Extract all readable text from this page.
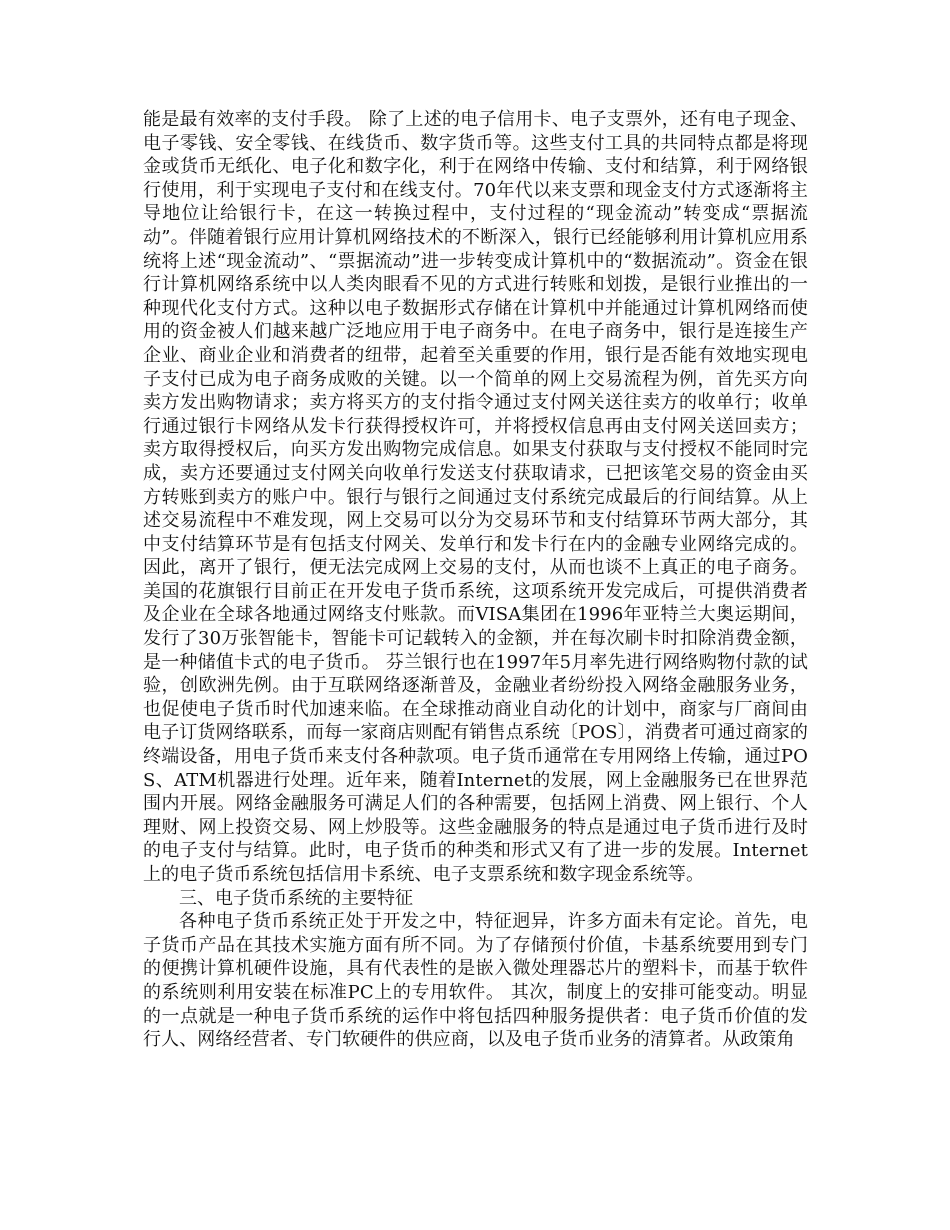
能是最有效率的支付手段。 除了上述的电子信用卡、电子支票外，还有电子现金、电子零钱、安全零钱、在线货币、数字货币等。这些支付工具的共同特点都是将现金或货币无纸化、电子化和数字化，利于在网络中传输、支付和结算，利于网络银行使用，利于实现电子支付和在线支付。70年代以来支票和现金支付方式逐渐将主导地位让给银行卡，在这一转换过程中，支付过程的“现金流动”转变成“票据流动”。伴随着银行应用计算机网络技术的不断深入，银行已经能够利用计算机应用系统将上述“现金流动”、“票据流动”进一步转变成计算机中的“数据流动”。资金在银行计算机网络系统中以人类肉眼看不见的方式进行转账和划拨，是银行业推出的一种现代化支付方式。这种以电子数据形式存储在计算机中并能通过计算机网络而使用的资金被人们越来越广泛地应用于电子商务中。在电子商务中，银行是连接生产企业、商业企业和消费者的纽带，起着至关重要的作用，银行是否能有效地实现电子支付已成为电子商务成败的关键。以一个简单的网上交易流程为例，首先买方向卖方发出购物请求；卖方将买方的支付指令通过支付网关送往卖方的收单行；收单行通过银行卡网络从发卡行获得授权许可，并将授权信息再由支付网关送回卖方；卖方取得授权后，向买方发出购物完成信息。如果支付获取与支付授权不能同时完成，卖方还要通过支付网关向收单行发送支付获取请求，已把该笔交易的资金由买方转账到卖方的账户中。银行与银行之间通过支付系统完成最后的行间结算。从上述交易流程中不难发现，网上交易可以分为交易环节和支付结算环节两大部分，其中支付结算环节是有包括支付网关、发单行和发卡行在内的金融专业网络完成的。因此，离开了银行，便无法完成网上交易的支付，从而也谈不上真正的电子商务。美国的花旗银行目前正在开发电子货币系统，这项系统开发完成后，可提供消费者及企业在全球各地通过网络支付账款。而VISA集团在1996年亚特兰大奥运期间，发行了30万张智能卡，智能卡可记载转入的金额，并在每次刷卡时扣除消费金额，是一种储值卡式的电子货币。 芬兰银行也在1997年5月率先进行网络购物付款的试验，创欧洲先例。由于互联网络逐渐普及，金融业者纷纷投入网络金融服务业务，也促使电子货币时代加速来临。在全球推动商业自动化的计划中，商家与厂商间由电子订货网络联系，而每一家商店则配有销售点系统〔POS〕，消费者可通过商家的终端设备，用电子货币来支付各种款项。电子货币通常在专用网络上传输，通过POS、ATM机器进行处理。近年来，随着Internet的发展，网上金融服务已在世界范围内开展。网络金融服务可满足人们的各种需要，包括网上消费、网上银行、个人理财、网上投资交易、网上炒股等。这些金融服务的特点是通过电子货币进行及时的电子支付与结算。此时，电子货币的种类和形式又有了进一步的发展。Internet上的电子货币系统包括信用卡系统、电子支票系统和数字现金系统等。

三、电子货币系统的主要特征

各种电子货币系统正处于开发之中，特征迥异，许多方面未有定论。首先，电子货币产品在其技术实施方面有所不同。为了存储预付价值，卡基系统要用到专门的便携计算机硬件设施，具有代表性的是嵌入微处理器芯片的塑料卡，而基于软件的系统则利用安装在标准PC上的专用软件。 其次，制度上的安排可能变动。明显的一点就是一种电子货币系统的运作中将包括四种服务提供者：电子货币价值的发行人、网络经营者、专门软硬件的供应商，以及电子货币业务的清算者。从政策角
